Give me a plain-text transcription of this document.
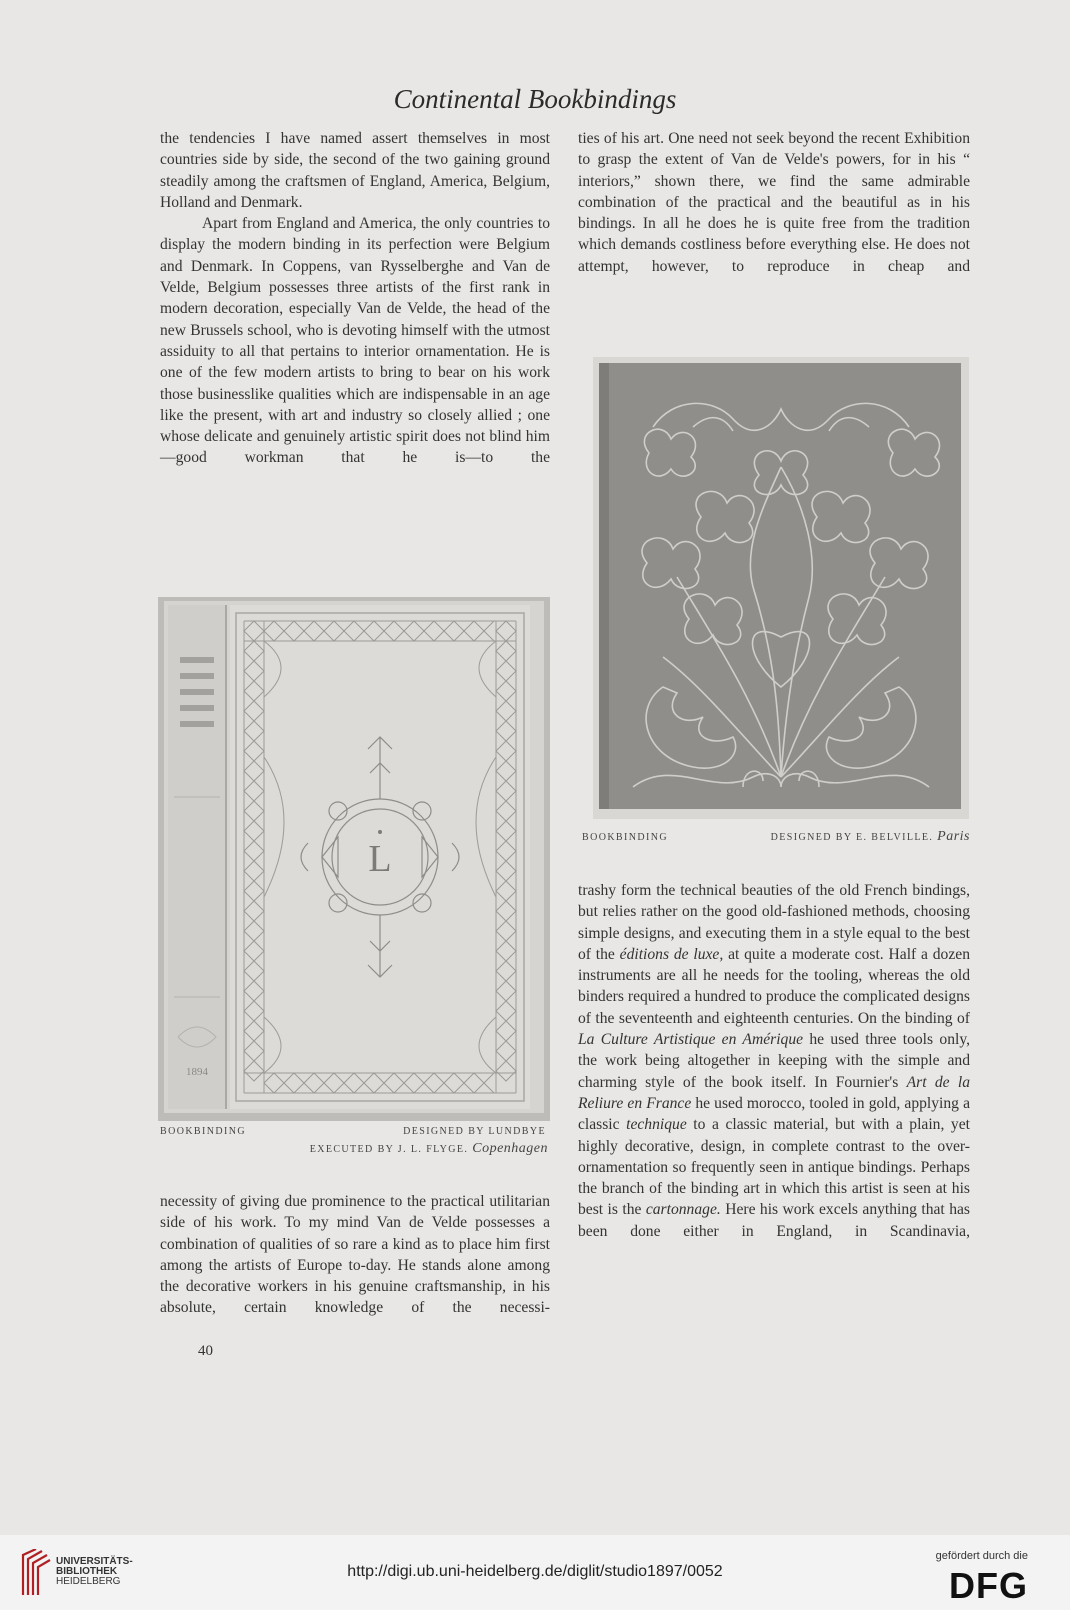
Continental Bookbindings

the tendencies I have named assert themselves in most countries side by side, the second of the two gaining ground steadily among the craftsmen of England, America, Belgium, Holland and Denmark.

Apart from England and America, the only countries to display the modern binding in its perfection were Belgium and Denmark. In Coppens, van Rysselberghe and Van de Velde, Belgium possesses three artists of the first rank in modern decoration, especially Van de Velde, the head of the new Brussels school, who is devoting himself with the utmost assiduity to all that pertains to interior ornamentation. He is one of the few modern artists to bring to bear on his work those businesslike qualities which are indispensable in an age like the present, with art and industry so closely allied ; one whose delicate and genuinely artistic spirit does not blind him—good workman that he is—to the

L
1894
BOOKBINDING	DESIGNED BY LUNDBYE
EXECUTED BY J. L. FLYGE. Copenhagen

necessity of giving due prominence to the practical utilitarian side of his work. To my mind Van de Velde possesses a combination of qualities of so rare a kind as to place him first among the artists of Europe to-day. He stands alone among the decorative workers in his genuine craftsmanship, in his absolute, certain knowledge of the necessi-

40

ties of his art. One need not seek beyond the recent Exhibition to grasp the extent of Van de Velde's powers, for in his “ interiors,” shown there, we find the same admirable combination of the practical and the beautiful as in his bindings. In all he does he is quite free from the tradition which demands costliness before everything else. He does not attempt, however, to reproduce in cheap and

BOOKBINDING	DESIGNED BY E. BELVILLE. Paris

trashy form the technical beauties of the old French bindings, but relies rather on the good old-fashioned methods, choosing simple designs, and executing them in a style equal to the best of the éditions de luxe, at quite a moderate cost. Half a dozen instruments are all he needs for the tooling, whereas the old binders required a hundred to produce the complicated designs of the seventeenth and eighteenth centuries. On the binding of La Culture Artistique en Amérique he used three tools only, the work being altogether in keeping with the simple and charming style of the book itself. In Fournier's Art de la Reliure en France he used morocco, tooled in gold, applying a classic technique to a classic material, but with a plain, yet highly decorative, design, in complete contrast to the over-ornamentation so frequently seen in antique bindings. Perhaps the branch of the binding art in which this artist is seen at his best is the cartonnage. Here his work excels anything that has been done either in England, in Scandinavia,

UNIVERSITÄTS-
BIBLIOTHEK
HEIDELBERG
http://digi.ub.uni-heidelberg.de/diglit/studio1897/0052
gefördert durch die
DFG
